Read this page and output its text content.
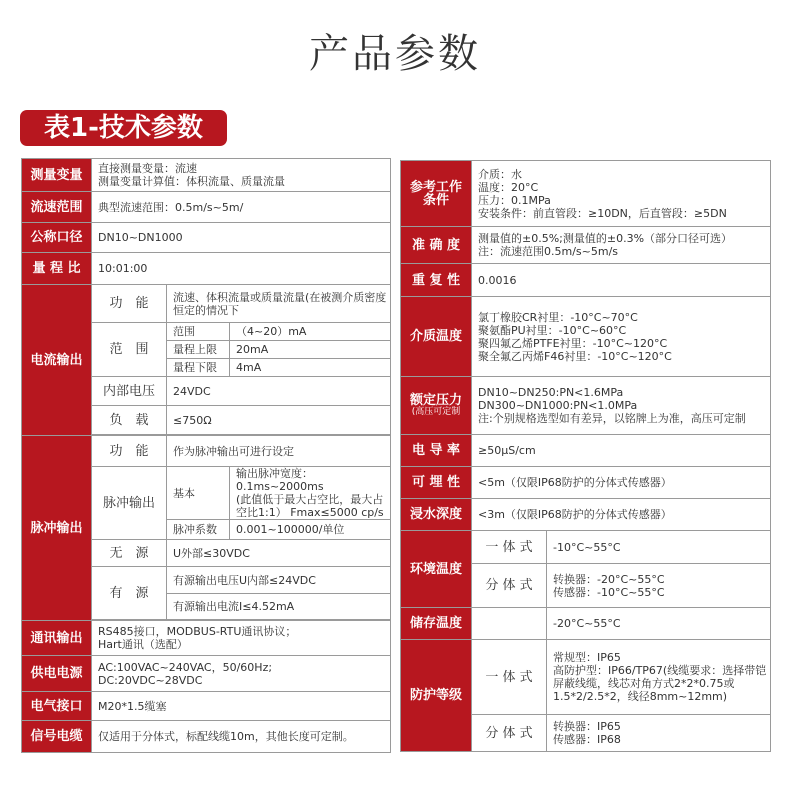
产品参数
表1-技术参数
测量变量	直接测量变量：流速
测量变量计算值：体积流量、质量流量		

流速范围	典型流速范围：0.5m/s~5m/		
公称口径	DN10~DN1000		
量 程 比	10:01:00		
电流输出	功　能	流速、体积流量或质量流量(在被测介质密度恒定的情况下	
	范　围	范围	（4~20）mA
		量程上限	20mA
		量程下限	4mA
	内部电压	24VDC	
	负　载	≤750Ω	

脉冲输出	功　能	作为脉冲输出可进行设定	
	脉冲输出	基本	输出脉冲宽度：0.1ms~2000ms
(此值低于最大占空比，最大占空比1:1） Fmax≤5000 cp/s

		脉冲系数	0.001~100000/单位
	无　源	U外部≤30VDC	
	有　源	有源输出电压U内部≤24VDC	
		有源输出电流I≤4.52mA	

通讯输出	RS485接口，MODBUS-RTU通讯协议；
Hart通讯（选配）		

供电电源	AC:100VAC~240VAC，50/60Hz;
DC:20VDC~28VDC		

电气接口	M20*1.5缆塞		
信号电缆	仅适用于分体式，标配线缆10m，其他长度可定制。		
参考工作
条件	介质：水
温度：20°C
压力：0.1MPa
安装条件：前直管段：≥10DN，后直管段：≥5DN	

准 确 度	测量值的±0.5%;测量值的±0.3%（部分口径可选）
注：流速范围0.5m/s~5m/s	

重 复 性	0.0016	
介质温度	氯丁橡胶CR衬里：-10°C~70°C
聚氨酯PU衬里：-10°C~60°C
聚四氟乙烯PTFE衬里：-10°C~120°C
聚全氟乙丙烯F46衬里：-10°C~120°C	

额定压力
(高压可定制	DN10~DN250:PN<1.6MPa
DN300~DN1000:PN<1.0MPa
注:个别规格选型如有差异，以铭牌上为准，高压可定制	

电 导 率	≥50μS/cm	
可 埋 性	<5m（仅限IP68防护的分体式传感器）	
浸水深度	<3m（仅限IP68防护的分体式传感器）	
环境温度	一 体 式	-10°C~55°C
	分 体 式	转换器：-20°C~55°C
传感器：-10°C~55°C

储存温度		-20°C~55°C
防护等级	一 体 式	常规型：IP65
高防护型：IP66/TP67(线缆要求：选择带铠屏蔽线缆，线芯对角方式2*2*0.75或1.5*2/2.5*2，线径8mm~12mm)

	分 体 式	转换器：IP65
传感器：IP68
